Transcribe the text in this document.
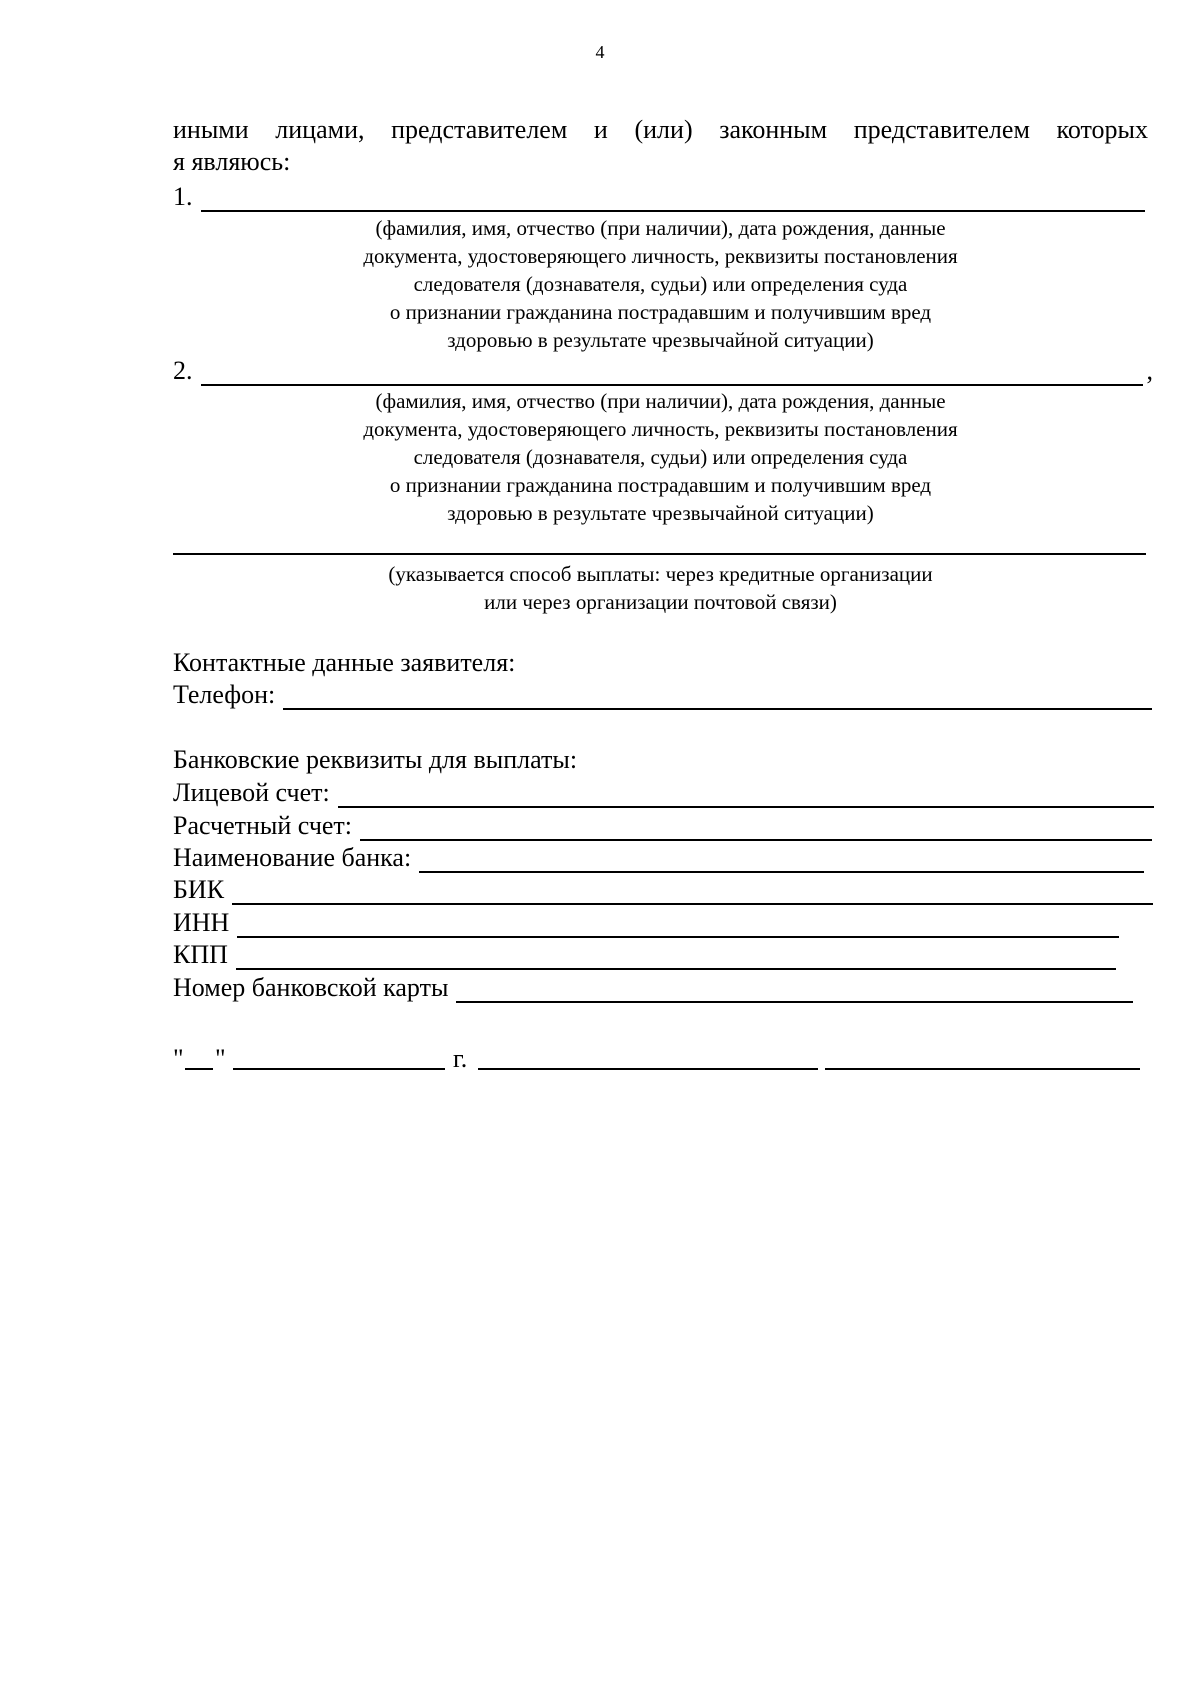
4
иными лицами, представителем и (или) законным представителем которых
я являюсь:
1.
(фамилия, имя, отчество (при наличии), дата рождения, данные
документа, удостоверяющего личность, реквизиты постановления
следователя (дознавателя, судьи) или определения суда
о признании гражданина пострадавшим и получившим вред
здоровью в результате чрезвычайной ситуации)
2.	,
(фамилия, имя, отчество (при наличии), дата рождения, данные
документа, удостоверяющего личность, реквизиты постановления
следователя (дознавателя, судьи) или определения суда
о признании гражданина пострадавшим и получившим вред
здоровью в результате чрезвычайной ситуации)
(указывается способ выплаты: через кредитные организации
или через организации почтовой связи)
Контактные данные заявителя:
Телефон:
Банковские реквизиты для выплаты:
Лицевой счет:
Расчетный счет:
Наименование банка:
БИК
ИНН
КПП
Номер банковской карты
" "	г.
